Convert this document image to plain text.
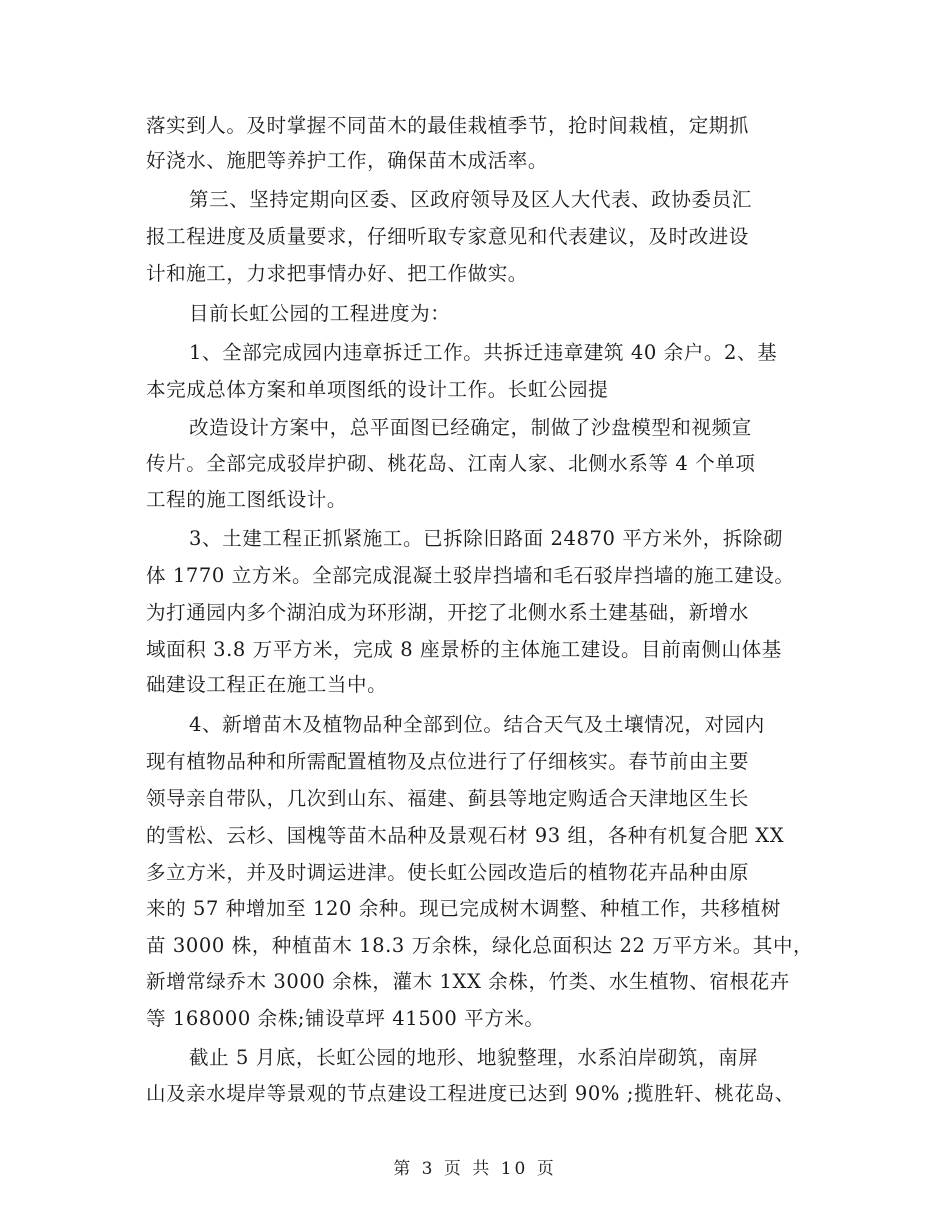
落实到人。及时掌握不同苗木的最佳栽植季节，抢时间栽植，定期抓
好浇水、施肥等养护工作，确保苗木成活率。
第三、坚持定期向区委、区政府领导及区人大代表、政协委员汇
报工程进度及质量要求，仔细听取专家意见和代表建议，及时改进设
计和施工，力求把事情办好、把工作做实。
目前长虹公园的工程进度为：
1、全部完成园内违章拆迁工作。共拆迁违章建筑 40 余户。2、基
本完成总体方案和单项图纸的设计工作。长虹公园提
改造设计方案中，总平面图已经确定，制做了沙盘模型和视频宣
传片。全部完成驳岸护砌、桃花岛、江南人家、北侧水系等 4 个单项
工程的施工图纸设计。
3、土建工程正抓紧施工。已拆除旧路面 24870 平方米外，拆除砌
体 1770 立方米。全部完成混凝土驳岸挡墙和毛石驳岸挡墙的施工建设。
为打通园内多个湖泊成为环形湖，开挖了北侧水系土建基础，新增水
域面积 3.8 万平方米，完成 8 座景桥的主体施工建设。目前南侧山体基
础建设工程正在施工当中。
4、新增苗木及植物品种全部到位。结合天气及土壤情况，对园内
现有植物品种和所需配置植物及点位进行了仔细核实。春节前由主要
领导亲自带队，几次到山东、福建、蓟县等地定购适合天津地区生长
的雪松、云杉、国槐等苗木品种及景观石材 93 组，各种有机复合肥 XX
多立方米，并及时调运进津。使长虹公园改造后的植物花卉品种由原
来的 57 种增加至 120 余种。现已完成树木调整、种植工作，共移植树
苗 3000 株，种植苗木 18.3 万余株，绿化总面积达 22 万平方米。其中，
新增常绿乔木 3000 余株，灌木 1XX 余株，竹类、水生植物、宿根花卉
等 168000 余株;铺设草坪 41500 平方米。
截止 5 月底，长虹公园的地形、地貌整理，水系泊岸砌筑，南屏
山及亲水堤岸等景观的节点建设工程进度已达到 90% ;揽胜轩、桃花岛、
第 3 页 共 10 页
